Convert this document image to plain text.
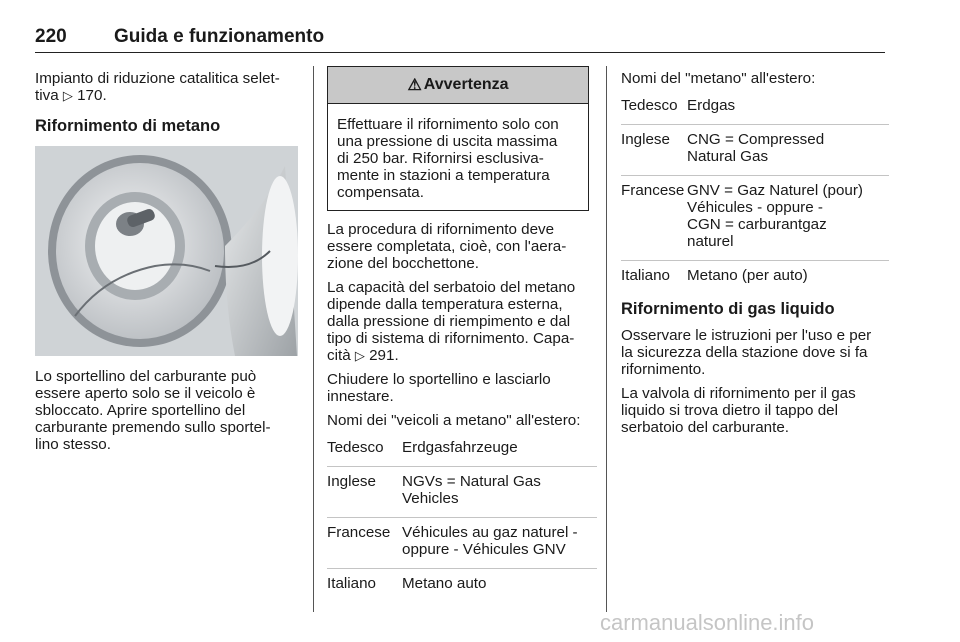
220 Guida e funzionamento

Impianto di riduzione catalitica selet-
tiva ▷ 170.

Rifornimento di metano

Lo sportellino del carburante può
essere aperto solo se il veicolo è
sbloccato. Aprire sportellino del
carburante premendo sullo sportel-
lino stesso.
⚠ Avvertenza
Effettuare il rifornimento solo con
una pressione di uscita massima
di 250 bar. Rifornirsi esclusiva-
mente in stazioni a temperatura
compensata.

La procedura di rifornimento deve
essere completata, cioè, con l'aera-
zione del bocchettone.

La capacità del serbatoio del metano
dipende dalla temperatura esterna,
dalla pressione di riempimento e dal
tipo di sistema di rifornimento. Capa-
cità ▷ 291.

Chiudere lo sportellino e lasciarlo
innestare.

Nomi dei "veicoli a metano" all'estero:

Tedesco	Erdgasfahrzeuge
Inglese	NGVs = Natural Gas
Vehicles
Francese Véhicules au gaz naturel -
oppure - Véhicules GNV
Italiano	Metano auto

Nomi del "metano" all'estero:

Tedesco Erdgas
Inglese	CNG = Compressed
Natural Gas
Francese GNV = Gaz Naturel (pour)
Véhicules - oppure -
CGN = carburantgaz
naturel
Italiano	Metano (per auto)

Rifornimento di gas liquido

Osservare le istruzioni per l'uso e per
la sicurezza della stazione dove si fa
rifornimento.

La valvola di rifornimento per il gas
liquido si trova dietro il tappo del
serbatoio del carburante.

carmanualsonline.info
